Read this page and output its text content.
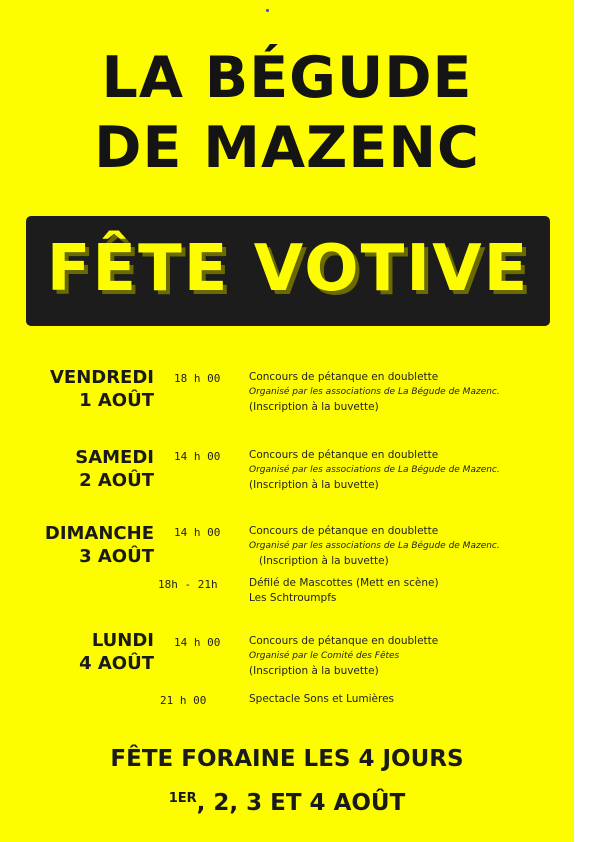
LA BÉGUDE
DE MAZENC
FÊTE VOTIVE
VENDREDI
1 AOÛT
18 h 00	Concours de pétanque en doublette
Organisé par les associations de La Bégude de Mazenc.
(Inscription à la buvette)
SAMEDI
2 AOÛT
14 h 00	Concours de pétanque en doublette
Organisé par les associations de La Bégude de Mazenc.
(Inscription à la buvette)
DIMANCHE
3 AOÛT
14 h 00	Concours de pétanque en doublette
Organisé par les associations de La Bégude de Mazenc.
(Inscription à la buvette)
18h - 21h	Défilé de Mascottes (Mett en scène)
Les Schtroumpfs
LUNDI
4 AOÛT
14 h 00	Concours de pétanque en doublette
Organisé par le Comité des Fêtes
(Inscription à la buvette)
21 h 00	Spectacle Sons et Lumières
FÊTE FORAINE LES 4 JOURS
$^{1ER}$, 2, 3 ET 4 AOÛT
